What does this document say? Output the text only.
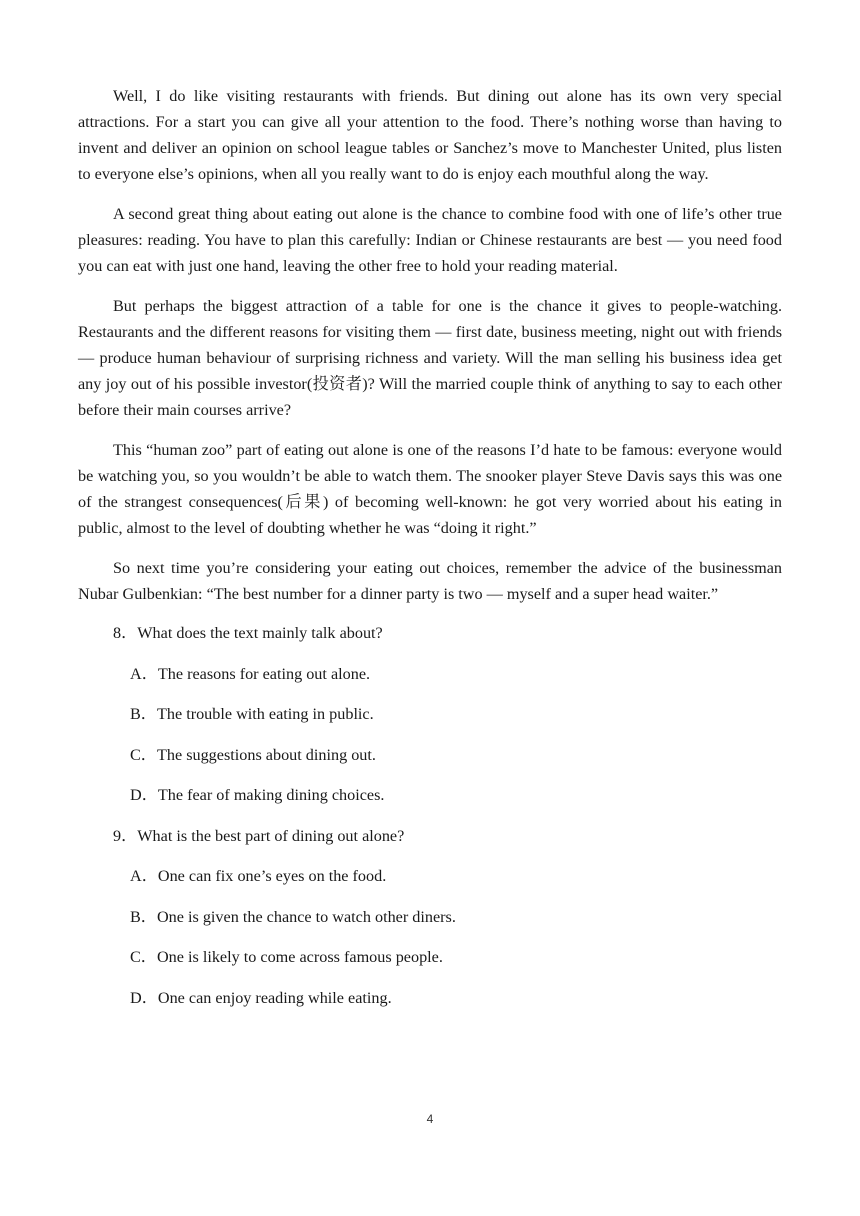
Well, I do like visiting restaurants with friends. But dining out alone has its own very special attractions. For a start you can give all your attention to the food. There’s nothing worse than having to invent and deliver an opinion on school league tables or Sanchez’s move to Manchester United, plus listen to everyone else’s opinions, when all you really want to do is enjoy each mouthful along the way.

A second great thing about eating out alone is the chance to combine food with one of life’s other true pleasures: reading. You have to plan this carefully: Indian or Chinese restaurants are best — you need food you can eat with just one hand, leaving the other free to hold your reading material.

But perhaps the biggest attraction of a table for one is the chance it gives to people-watching. Restaurants and the different reasons for visiting them — first date, business meeting, night out with friends — produce human behaviour of surprising richness and variety. Will the man selling his business idea get any joy out of his possible investor(投资者)? Will the married couple think of anything to say to each other before their main courses arrive?

This “human zoo” part of eating out alone is one of the reasons I’d hate to be famous: everyone would be watching you, so you wouldn’t be able to watch them. The snooker player Steve Davis says this was one of the strangest consequences(后果) of becoming well-known: he got very worried about his eating in public, almost to the level of doubting whether he was “doing it right.”

So next time you’re considering your eating out choices, remember the advice of the businessman Nubar Gulbenkian: “The best number for a dinner party is two — myself and a super head waiter.”

8．What does the text mainly talk about?
A．The reasons for eating out alone.
B．The trouble with eating in public.
C．The suggestions about dining out.
D．The fear of making dining choices.
9．What is the best part of dining out alone?
A．One can fix one’s eyes on the food.
B．One is given the chance to watch other diners.
C．One is likely to come across famous people.
D．One can enjoy reading while eating.
4
